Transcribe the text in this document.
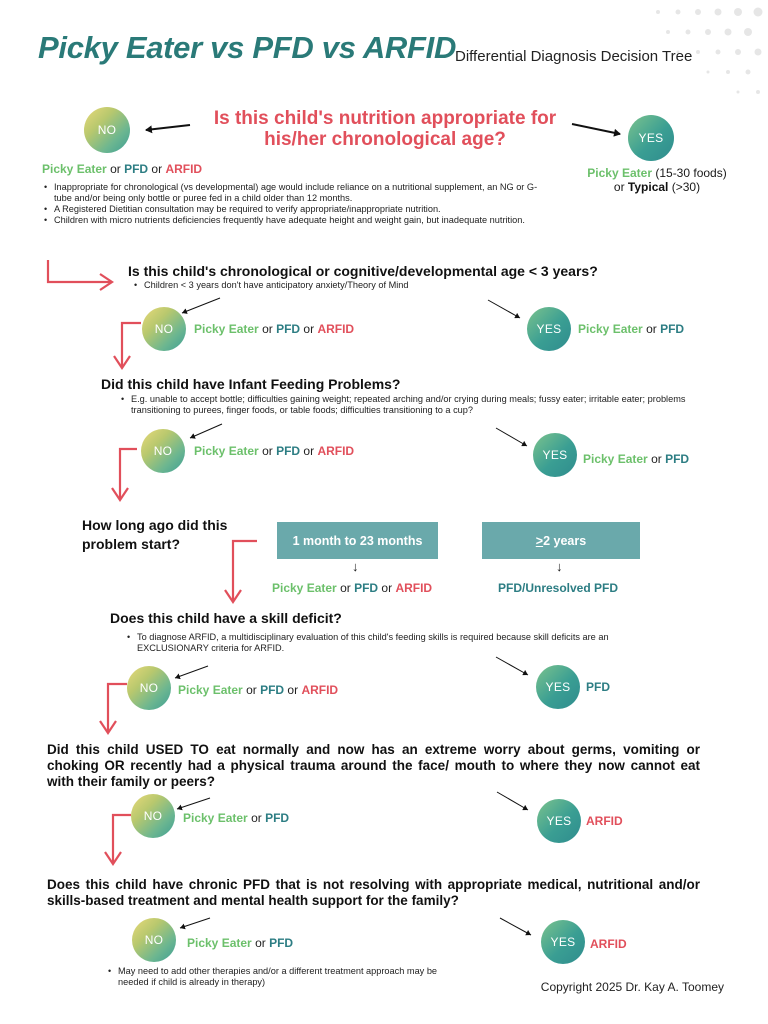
Picky Eater vs PFD vs ARFID
Differential Diagnosis Decision Tree
NO
Is this child's nutrition appropriate for his/her chronological age?	YES
Picky Eater or PFD or ARFID	Picky Eater (15-30 foods)
or Typical (>30)
• Inappropriate for chronological (vs developmental) age would include reliance on a nutritional supplement, an NG or G-tube and/or being only bottle or puree fed in a child older than 12 months.
• A Registered Dietitian consultation may be required to verify appropriate/inappropriate nutrition.
• Children with micro nutrients deficiencies frequently have adequate height and weight gain, but inadequate nutrition.
Is this child's chronological or cognitive/developmental age < 3 years?
• Children < 3 years don't have anticipatory anxiety/Theory of Mind
NO	Picky Eater or PFD or ARFID	YES	Picky Eater or PFD
Did this child have Infant Feeding Problems?
• E.g. unable to accept bottle; difficulties gaining weight; repeated arching and/or crying during meals; fussy eater; irritable eater; problems transitioning to purees, finger foods, or table foods; difficulties transitioning to a cup?
NO	Picky Eater or PFD or ARFID	YES	Picky Eater or PFD
How long ago did this problem start?	1 month to 23 months	> 2 years
↓	↓
Picky Eater or PFD or ARFID	PFD/Unresolved PFD
Does this child have a skill deficit?
• To diagnose ARFID, a multidisciplinary evaluation of this child's feeding skills is required because skill deficits are an EXCLUSIONARY criteria for ARFID.
NO	Picky Eater or PFD or ARFID	YES	PFD
Did this child USED TO eat normally and now has an extreme worry about germs, vomiting or choking OR recently had a physical trauma around the face/ mouth to where they now cannot eat with their family or peers?
NO	Picky Eater or PFD	YES	ARFID
Does this child have chronic PFD that is not resolving with appropriate medical, nutritional and/or skills-based treatment and mental health support for the family?
NO	Picky Eater or PFD	YES	ARFID
• May need to add other therapies and/or a different treatment approach may be needed if child is already in therapy)	Copyright 2025 Dr. Kay A. Toomey
